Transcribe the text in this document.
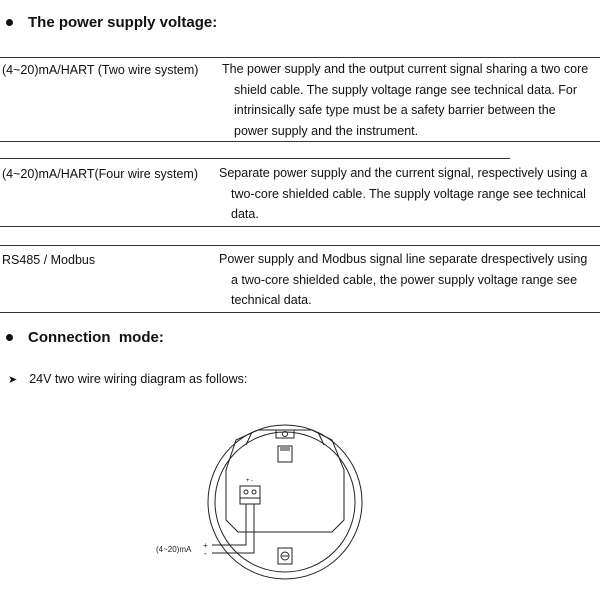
The power supply voltage:
(4~20)mA/HART (Two wire system) The power supply and the output current signal sharing a two core
shield cable. The supply voltage range see technical data. For
intrinsically safe type must be a safety barrier between the
power supply and the instrument.
(4~20)mA/HART(Four wire system) Separate power supply and the current signal, respectively using a
two-core shielded cable. The supply voltage range see technical
data.
RS485 / Modbus	Power supply and Modbus signal line separate drespectively using
a two-core shielded cable, the power supply voltage range see
technical data.
Connection  mode:
➤ 24V two wire wiring diagram as follows:
+ -
(4~20)mA +
-
